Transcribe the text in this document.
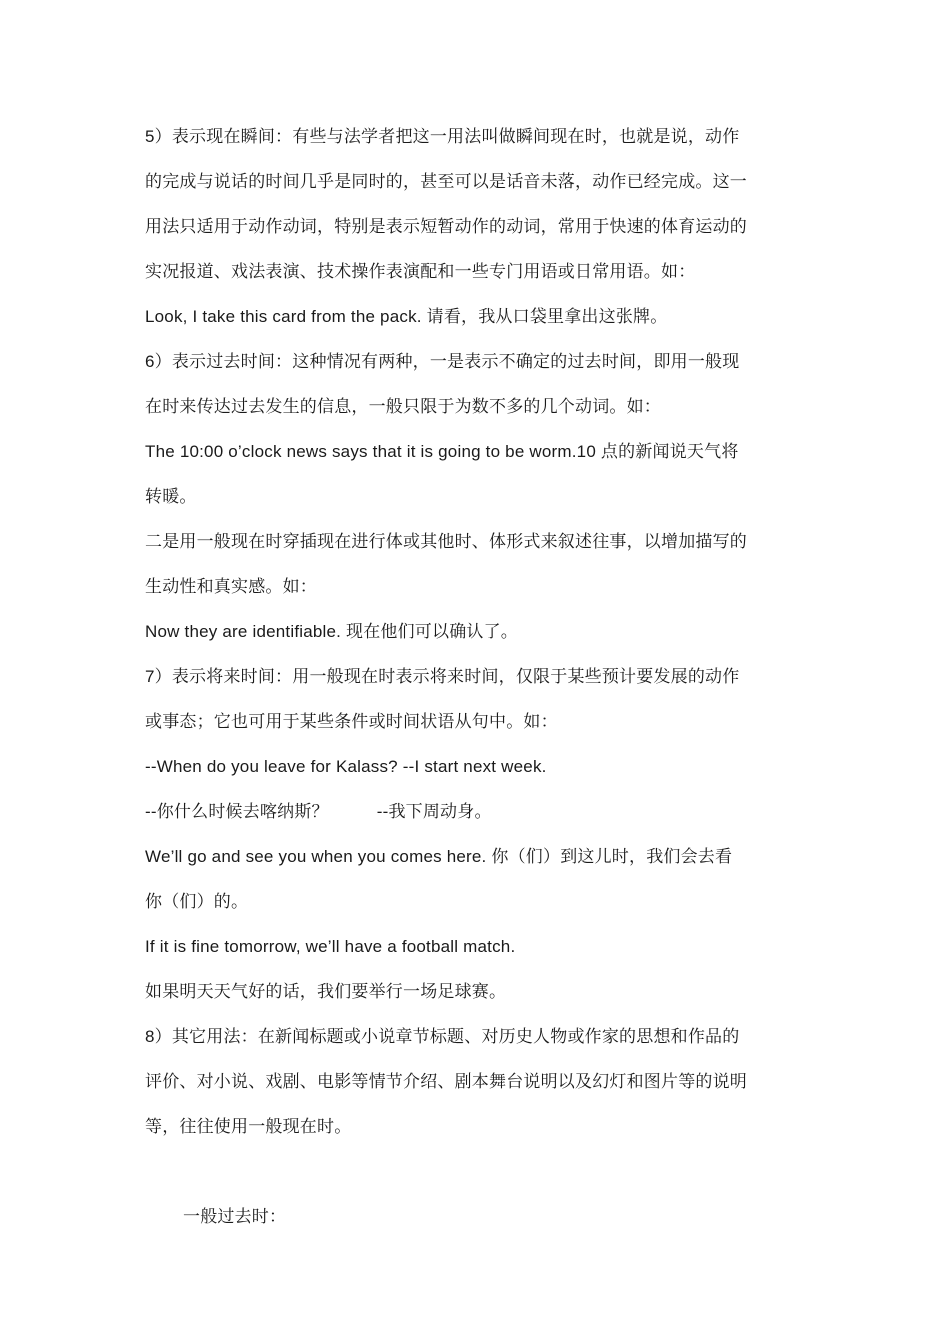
5）表示现在瞬间：有些与法学者把这一用法叫做瞬间现在时，也就是说，动作
的完成与说话的时间几乎是同时的，甚至可以是话音未落，动作已经完成。这一
用法只适用于动作动词，特别是表示短暂动作的动词，常用于快速的体育运动的
实况报道、戏法表演、技术操作表演配和一些专门用语或日常用语。如：
Look, I take this card from the pack. 请看，我从口袋里拿出这张牌。
6）表示过去时间：这种情况有两种，一是表示不确定的过去时间，即用一般现
在时来传达过去发生的信息，一般只限于为数不多的几个动词。如：
The 10:00 o’clock news says that it is going to be worm.10 点的新闻说天气将
转暖。
二是用一般现在时穿插现在进行体或其他时、体形式来叙述往事，以增加描写的
生动性和真实感。如：
Now they are identifiable. 现在他们可以确认了。
7）表示将来时间：用一般现在时表示将来时间，仅限于某些预计要发展的动作
或事态；它也可用于某些条件或时间状语从句中。如：
--When do you leave for Kalass? --I start next week.
--你什么时候去喀纳斯？	--我下周动身。
We’ll go and see you when you comes here. 你（们）到这儿时，我们会去看
你（们）的。
If it is fine tomorrow, we’ll have a football match.
如果明天天气好的话，我们要举行一场足球赛。
8）其它用法：在新闻标题或小说章节标题、对历史人物或作家的思想和作品的
评价、对小说、戏剧、电影等情节介绍、剧本舞台说明以及幻灯和图片等的说明
等，往往使用一般现在时。
一般过去时：
